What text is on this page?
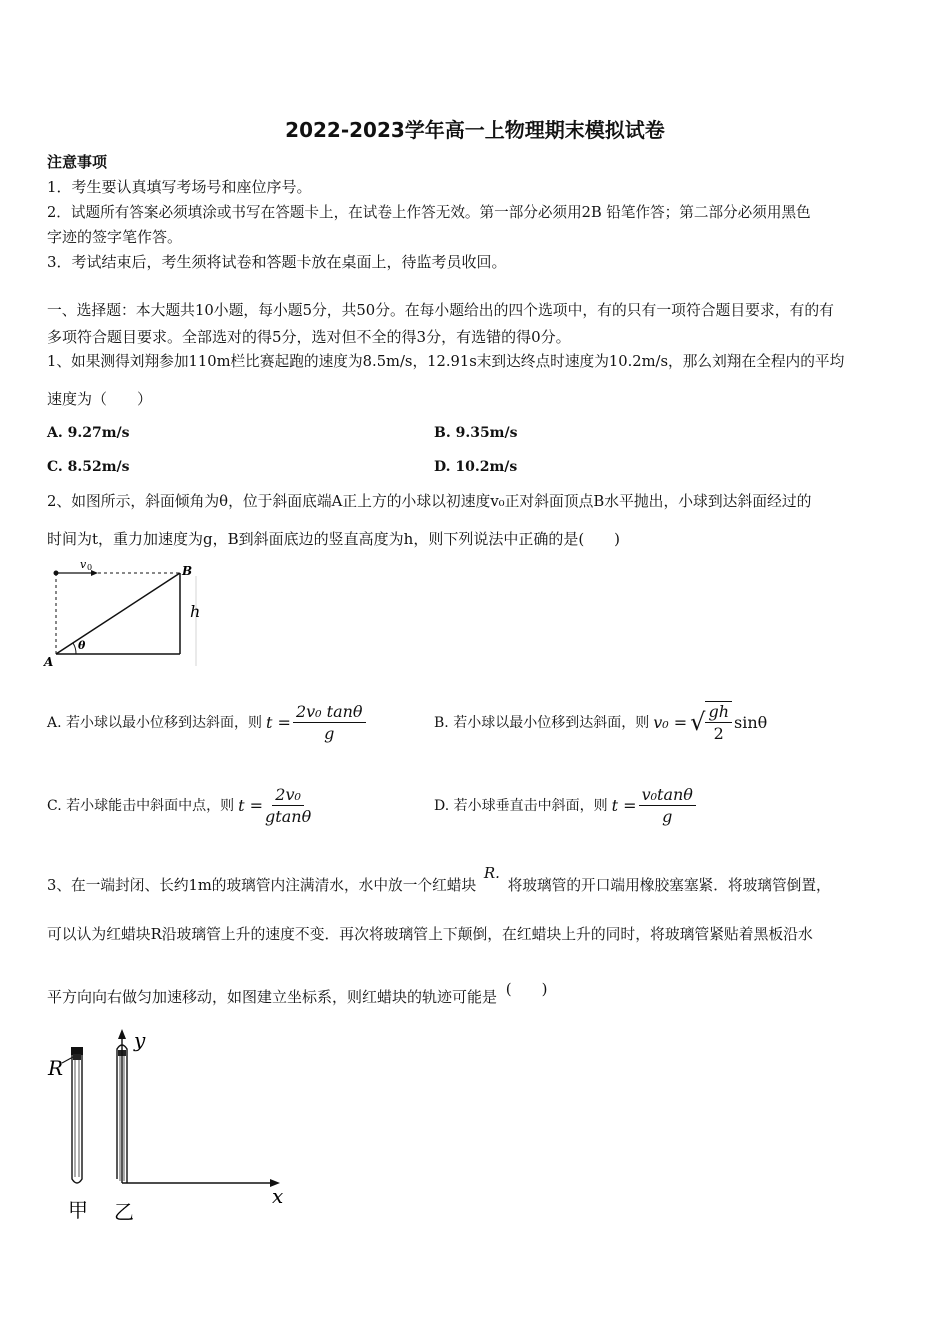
2022-2023学年高一上物理期末模拟试卷
注意事项
1．考生要认真填写考场号和座位序号。
2．试题所有答案必须填涂或书写在答题卡上，在试卷上作答无效。第一部分必须用2B 铅笔作答；第二部分必须用黑色
字迹的签字笔作答。
3．考试结束后，考生须将试卷和答题卡放在桌面上，待监考员收回。
一、选择题：本大题共10小题，每小题5分，共50分。在每小题给出的四个选项中，有的只有一项符合题目要求，有的有
多项符合题目要求。全部选对的得5分，选对但不全的得3分，有选错的得0分。
1、如果测得刘翔参加110m栏比赛起跑的速度为8.5m/s，12.91s末到达终点时速度为10.2m/s，那么刘翔在全程内的平均
速度为（　　）
A. 9.27m/s	B. 9.35m/s
C. 8.52m/s	D. 10.2m/s
2、如图所示，斜面倾角为θ，位于斜面底端A正上方的小球以初速度v₀正对斜面顶点B水平抛出，小球到达斜面经过的
时间为t，重力加速度为g，B到斜面底边的竖直高度为h，则下列说法中正确的是(　　)
v 0	B
A
θ
h
A. 若小球以最小位移到达斜面，则 $t = \frac{\text{2v₀ tanθ}}{g}$	B. 若小球以最小位移到达斜面，则 v₀ = √ $\frac{gh}{2}$ sinθ
C. 若小球能击中斜面中点，则 $t = \frac{\text{2v₀}}{gtan\theta}$	D. 若小球垂直击中斜面，则 $t = \frac{\text{v₀tanθ}}{g}$
3、在一端封闭、长约1m的玻璃管内注满清水，水中放一个红蜡块 R. 将玻璃管的开口端用橡胶塞塞紧．将玻璃管倒置，
可以认为红蜡块R沿玻璃管上升的速度不变．再次将玻璃管上下颠倒，在红蜡块上升的同时，将玻璃管紧贴着黑板沿水
平方向向右做匀加速移动，如图建立坐标系，则红蜡块的轨迹可能是 (　　)
R
甲 乙
x
y
